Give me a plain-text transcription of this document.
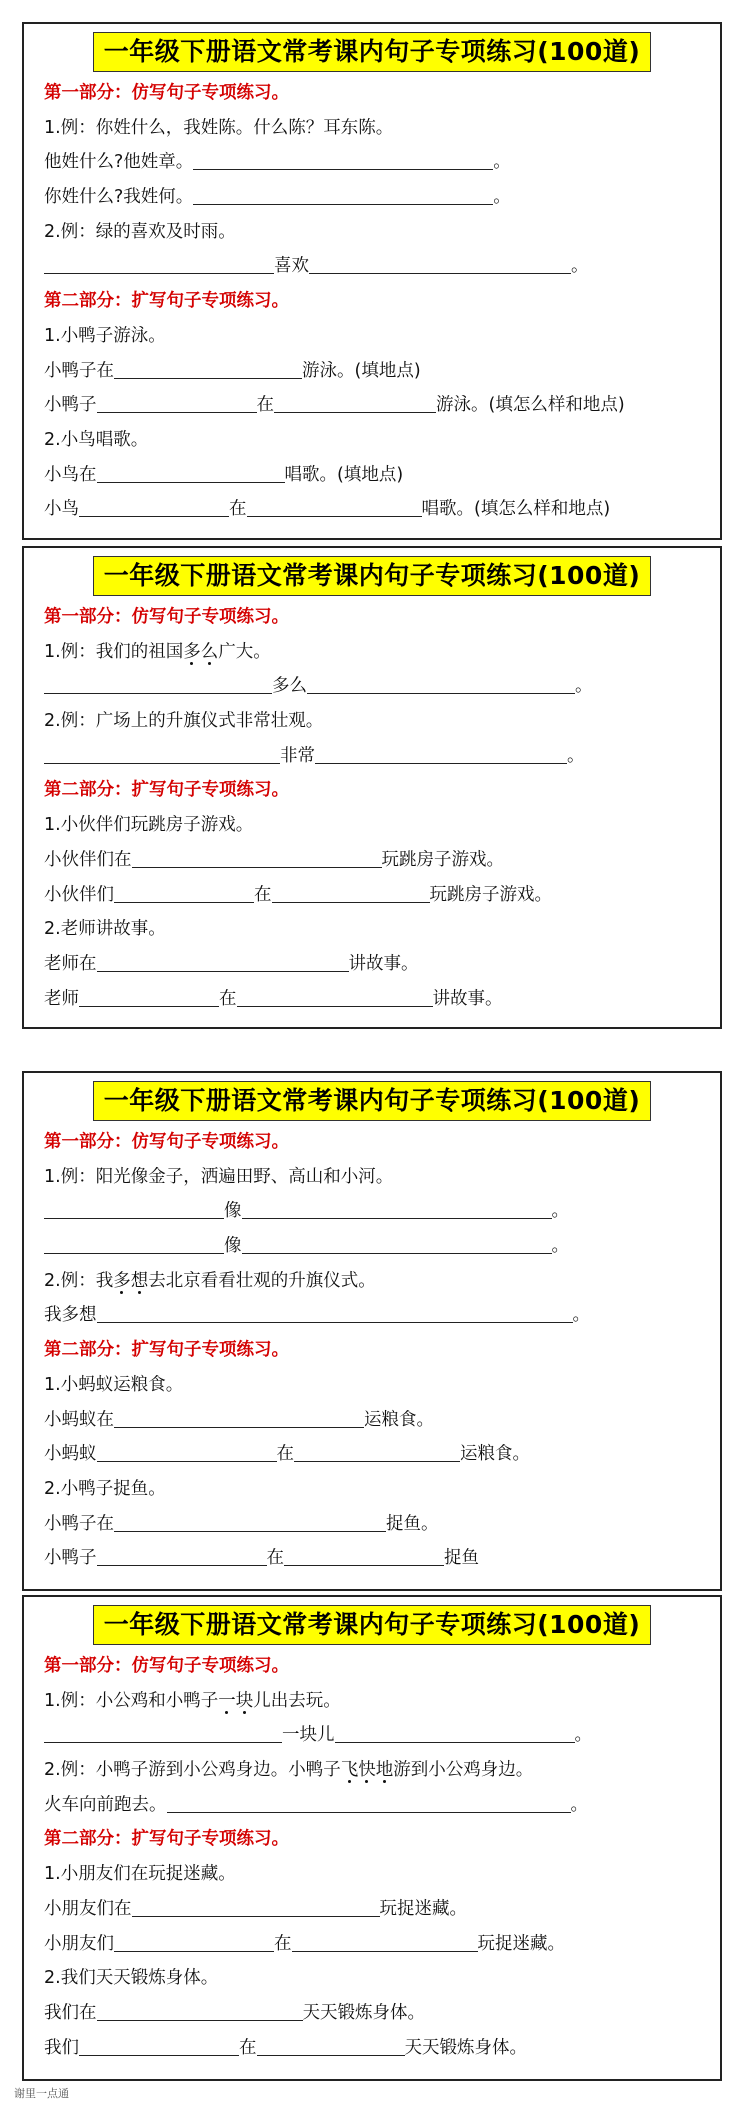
一年级下册语文常考课内句子专项练习(100道)
第一部分：仿写句子专项练习。
1.例：你姓什么，我姓陈。什么陈？耳东陈。
他姓什么?他姓章。	。
你姓什么?我姓何。	。
2.例：绿的喜欢及时雨。
喜欢	。
第二部分：扩写句子专项练习。
1.小鸭子游泳。
小鸭子在	游泳。(填地点)
小鸭子	在	游泳。(填怎么样和地点)
2.小鸟唱歌。
小鸟在	唱歌。(填地点)
小鸟	在	唱歌。(填怎么样和地点)
一年级下册语文常考课内句子专项练习(100道)
第一部分：仿写句子专项练习。
1.例：我们的祖国多么广大。
多么	。
2.例：广场上的升旗仪式非常壮观。
非常	。
第二部分：扩写句子专项练习。
1.小伙伴们玩跳房子游戏。
小伙伴们在	玩跳房子游戏。
小伙伴们	在	玩跳房子游戏。
2.老师讲故事。
老师在	讲故事。
老师	在	讲故事。
一年级下册语文常考课内句子专项练习(100道)
第一部分：仿写句子专项练习。
1.例：阳光像金子，洒遍田野、高山和小河。
像	。
像	。
2.例：我多想去北京看看壮观的升旗仪式。
我多想	。
第二部分：扩写句子专项练习。
1.小蚂蚁运粮食。
小蚂蚁在	运粮食。
小蚂蚁	在	运粮食。
2.小鸭子捉鱼。
小鸭子在	捉鱼。
小鸭子	在	捉鱼
一年级下册语文常考课内句子专项练习(100道)
第一部分：仿写句子专项练习。
1.例：小公鸡和小鸭子一块儿出去玩。
一块儿	。
2.例：小鸭子游到小公鸡身边。小鸭子飞快地游到小公鸡身边。
火车向前跑去。	。
第二部分：扩写句子专项练习。
1.小朋友们在玩捉迷藏。
小朋友们在	玩捉迷藏。
小朋友们	在	玩捉迷藏。
2.我们天天锻炼身体。
我们在	天天锻炼身体。
我们	在	天天锻炼身体。
谢里一点通
